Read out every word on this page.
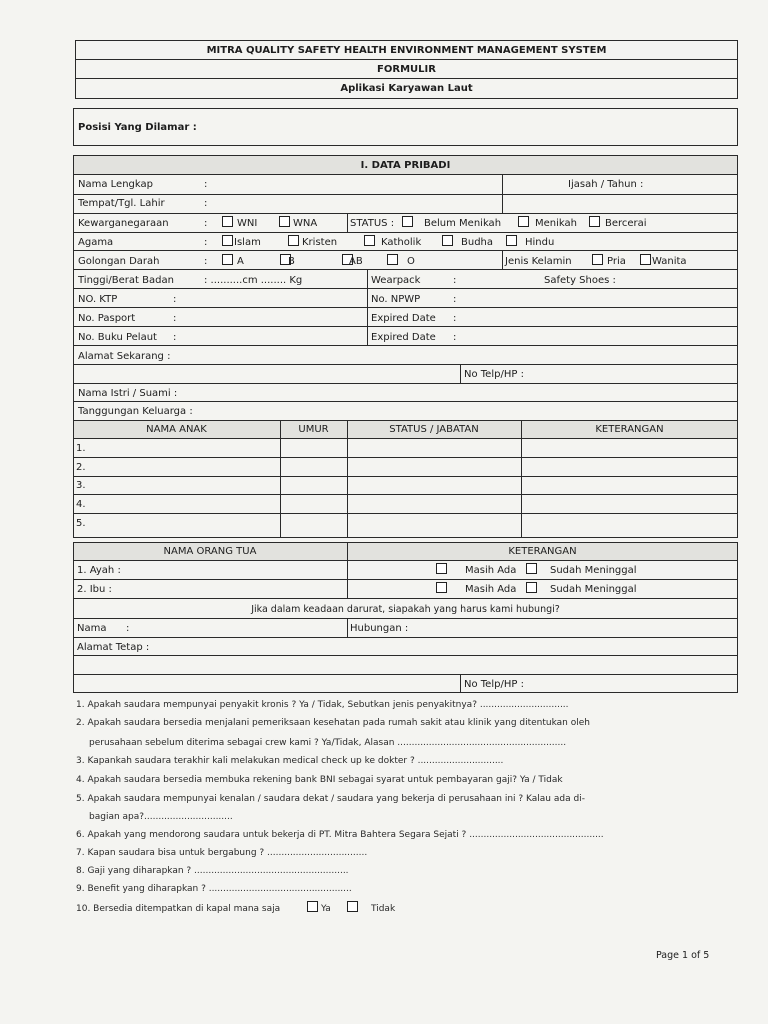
MITRA QUALITY SAFETY HEALTH ENVIRONMENT MANAGEMENT SYSTEM
FORMULIR
Aplikasi Karyawan Laut
Posisi Yang Dilamar :
I. DATA PRIBADI
Nama Lengkap	:	Ijasah / Tahun :
Tempat/Tgl. Lahir	:
Kewarganegaraan	:	WNI	WNA	STATUS :	Belum Menikah	Menikah	Bercerai
Agama	:	Islam	Kristen	Katholik	Budha	Hindu
Golongan Darah	:	A	B	AB	O	Jenis Kelamin	Pria	Wanita
Tinggi/Berat Badan	: ..........cm ........ Kg	Wearpack	:	Safety Shoes :
NO. KTP	:	No. NPWP	:
No. Pasport	:	Expired Date :
No. Buku Pelaut :	Expired Date :
Alamat Sekarang :
No Telp/HP :
Nama Istri / Suami :
Tanggungan Keluarga :
NAMA ANAK	UMUR	STATUS / JABATAN	KETERANGAN
1.
2.
3.
4.
5.
NAMA ORANG TUA	KETERANGAN
1. Ayah :	Masih Ada	Sudah Meninggal
2. Ibu :	Masih Ada	Sudah Meninggal
Jika dalam keadaan darurat, siapakah yang harus kami hubungi?
Nama :	Hubungan :
Alamat Tetap :
No Telp/HP :
1. Apakah saudara mempunyai penyakit kronis ? Ya / Tidak, Sebutkan jenis penyakitnya? ...............................
2. Apakah saudara bersedia menjalani pemeriksaan kesehatan pada rumah sakit atau klinik yang ditentukan oleh
perusahaan sebelum diterima sebagai crew kami ? Ya/Tidak, Alasan ...........................................................
3. Kapankah saudara terakhir kali melakukan medical check up ke dokter ? ..............................
4. Apakah saudara bersedia membuka rekening bank BNI sebagai syarat untuk pembayaran gaji? Ya / Tidak
5. Apakah saudara mempunyai kenalan / saudara dekat / saudara yang bekerja di perusahaan ini ? Kalau ada di-
bagian apa?...............................
6. Apakah yang mendorong saudara untuk bekerja di PT. Mitra Bahtera Segara Sejati ? ...............................................
7. Kapan saudara bisa untuk bergabung ? ...................................
8. Gaji yang diharapkan ? ......................................................
9. Benefit yang diharapkan ? ..................................................
10. Bersedia ditempatkan di kapal mana saja	Ya	Tidak
Page 1 of 5
